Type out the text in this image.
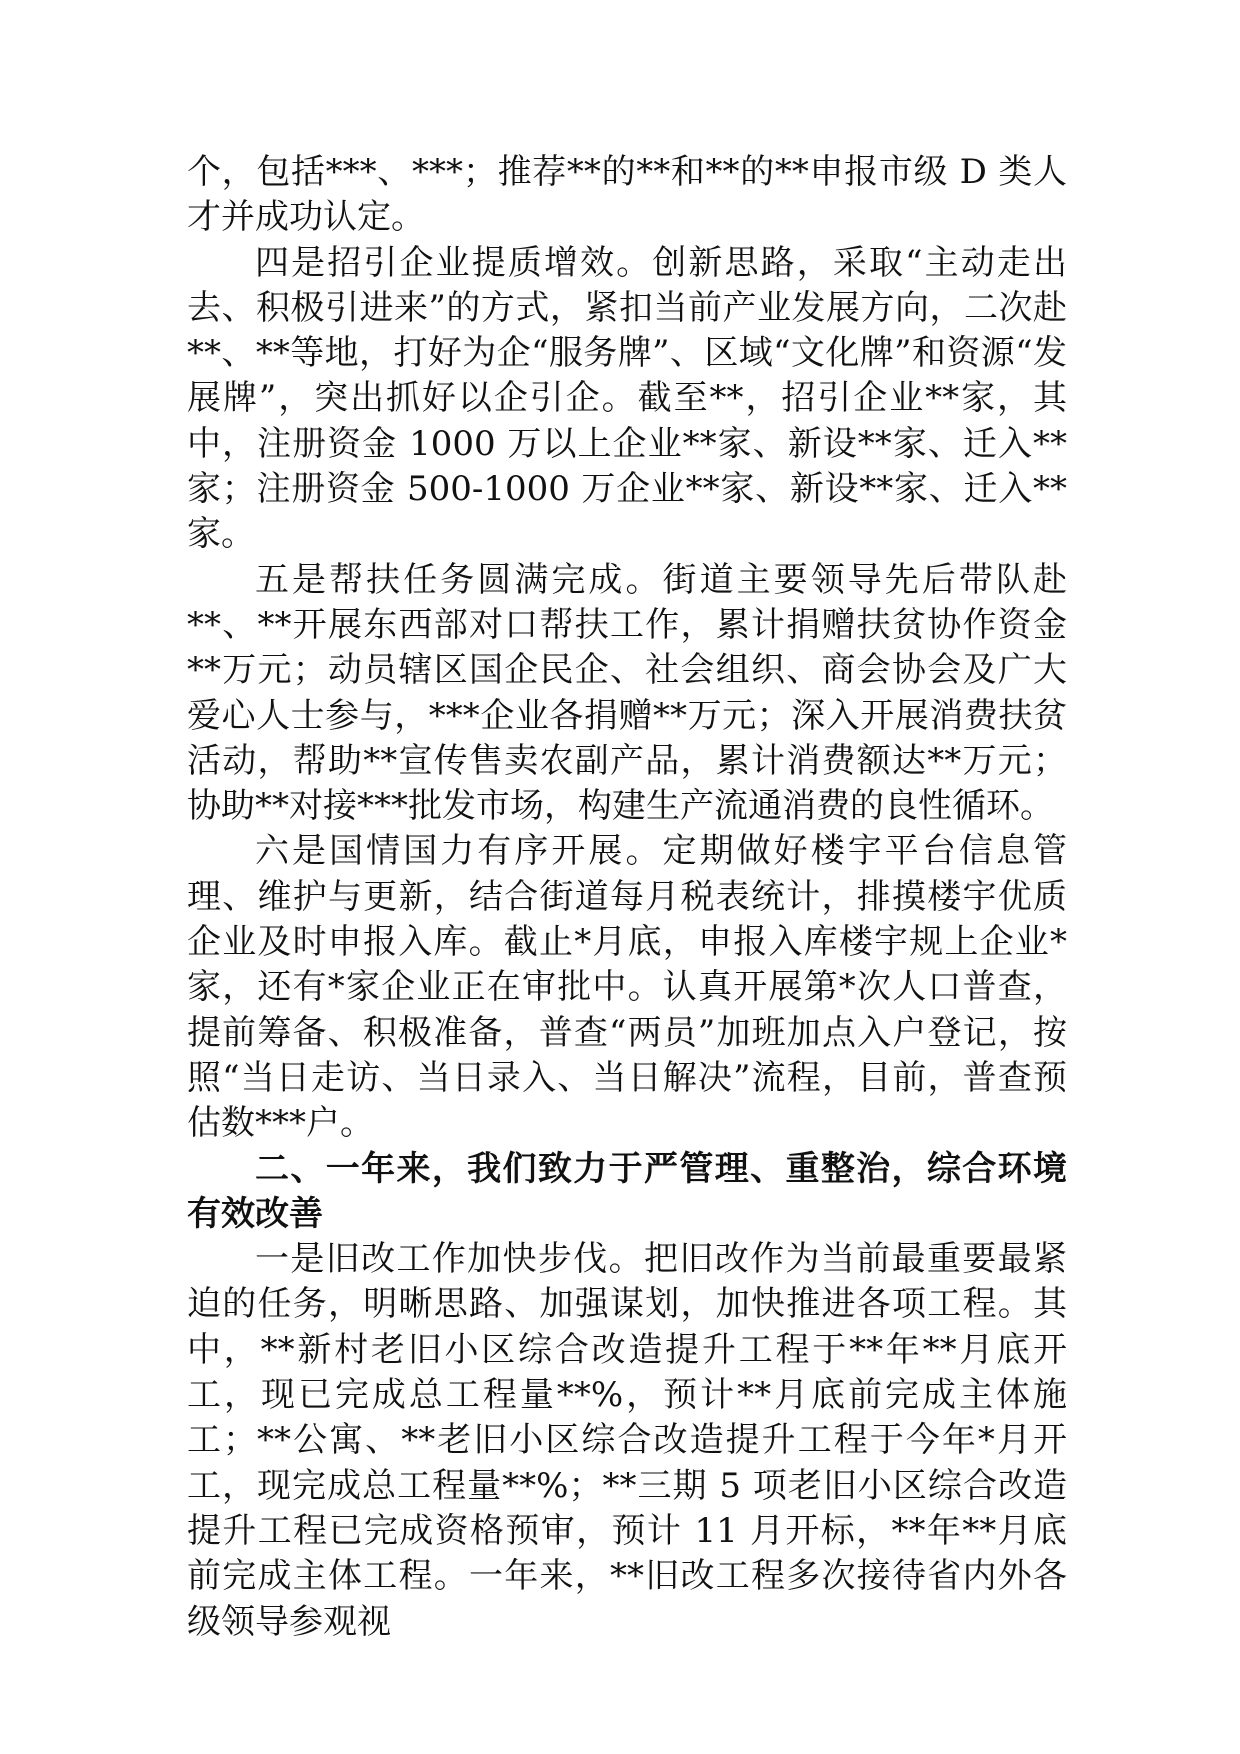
个，包括***、***；推荐**的**和**的**申报市级 D 类人才并成功认定。

四是招引企业提质增效。创新思路，采取“主动走出去、积极引进来”的方式，紧扣当前产业发展方向，二次赴**、**等地，打好为企“服务牌”、区域“文化牌”和资源“发展牌”，突出抓好以企引企。截至**，招引企业**家，其中，注册资金 1000 万以上企业**家、新设**家、迁入**家；注册资金 500-1000 万企业**家、新设**家、迁入**家。

五是帮扶任务圆满完成。街道主要领导先后带队赴**、**开展东西部对口帮扶工作，累计捐赠扶贫协作资金**万元；动员辖区国企民企、社会组织、商会协会及广大爱心人士参与，***企业各捐赠**万元；深入开展消费扶贫活动，帮助**宣传售卖农副产品，累计消费额达**万元；协助**对接***批发市场，构建生产流通消费的良性循环。

六是国情国力有序开展。定期做好楼宇平台信息管理、维护与更新，结合街道每月税表统计，排摸楼宇优质企业及时申报入库。截止*月底，申报入库楼宇规上企业*家，还有*家企业正在审批中。认真开展第*次人口普查，提前筹备、积极准备，普查“两员”加班加点入户登记，按照“当日走访、当日录入、当日解决”流程，目前，普查预估数***户。

二、一年来，我们致力于严管理、重整治，综合环境有效改善

一是旧改工作加快步伐。把旧改作为当前最重要最紧迫的任务，明晰思路、加强谋划，加快推进各项工程。其中，**新村老旧小区综合改造提升工程于**年**月底开工，现已完成总工程量**%，预计**月底前完成主体施工；**公寓、**老旧小区综合改造提升工程于今年*月开工，现完成总工程量**%；**三期 5 项老旧小区综合改造提升工程已完成资格预审，预计 11 月开标，**年**月底前完成主体工程。一年来，**旧改工程多次接待省内外各级领导参观视
